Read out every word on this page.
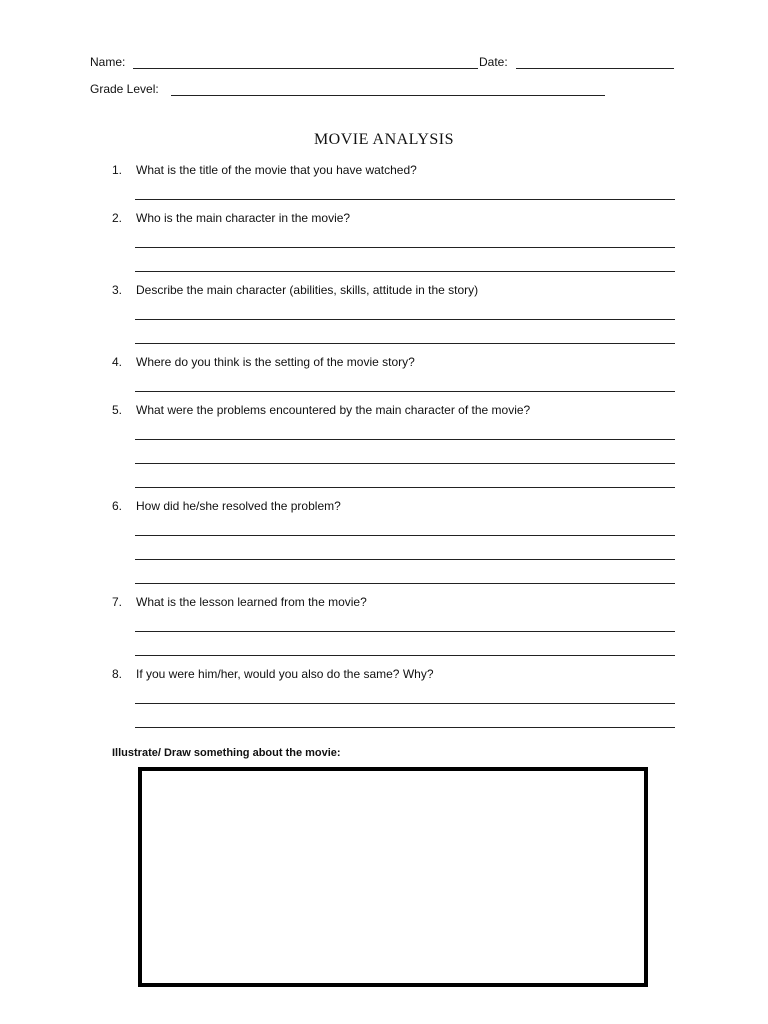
Name:	Date:
Grade Level:
MOVIE ANALYSIS
1. What is the title of the movie that you have watched?
2. Who is the main character in the movie?
3. Describe the main character (abilities, skills, attitude in the story)
4. Where do you think is the setting of the movie story?
5. What were the problems encountered by the main character of the movie?
6. How did he/she resolved the problem?
7. What is the lesson learned from the movie?
8. If you were him/her, would you also do the same? Why?
Illustrate/ Draw something about the movie:
